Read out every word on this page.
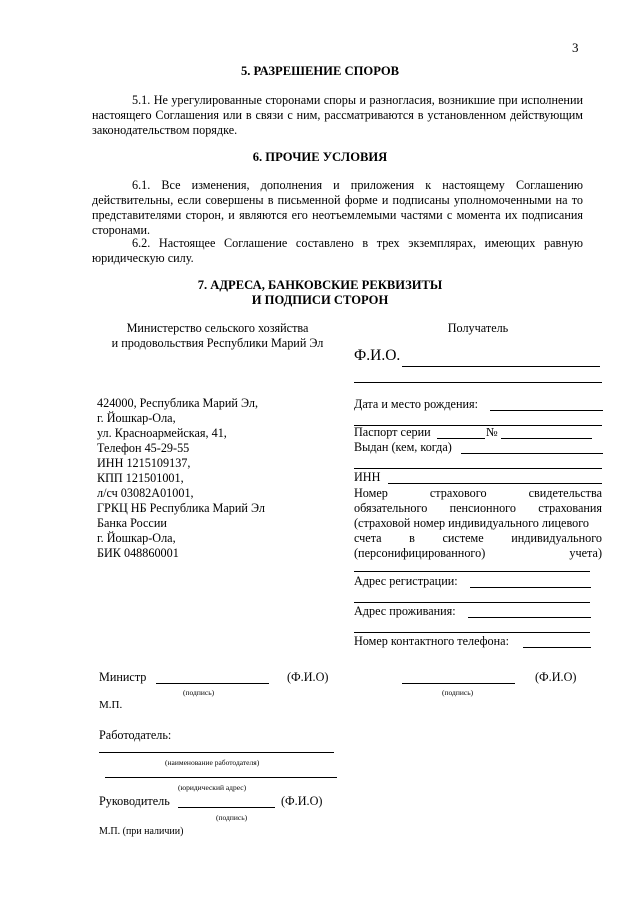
3
5. РАЗРЕШЕНИЕ СПОРОВ
5.1. Не урегулированные сторонами споры и разногласия, возникшие при исполнении настоящего Соглашения или в связи с ним, рассматриваются в установленном действующим законодательством порядке.
6. ПРОЧИЕ УСЛОВИЯ
6.1. Все изменения, дополнения и приложения к настоящему Соглашению действительны, если совершены в письменной форме и подписаны уполномоченными на то представителями сторон, и являются его неотъемлемыми частями с момента их подписания сторонами.
6.2. Настоящее Соглашение составлено в трех экземплярах, имеющих равную юридическую силу.
7. АДРЕСА, БАНКОВСКИЕ РЕКВИЗИТЫ
И ПОДПИСИ СТОРОН
Министерство сельского хозяйства
и продовольствия Республики Марий Эл
424000, Республика Марий Эл,
г. Йошкар-Ола,
ул. Красноармейская, 41,
Телефон 45-29-55
ИНН 1215109137,
КПП 121501001,
л/сч 03082А01001,
ГРКЦ НБ Республика Марий Эл
Банка России
г. Йошкар-Ола,
БИК 048860001
Получатель
Ф.И.О.
Дата и место рождения:
Паспорт серии	№
Выдан (кем, когда)
ИНН
Номер	страхового	свидетельства
обязательного пенсионного страхования
(страховой номер индивидуального лицевого
счета в системе индивидуального
(персонифицированного)	учета)
Адрес регистрации:
Адрес проживания:
Номер контактного телефона:
Министр	(Ф.И.О)
(подпись)
М.П.
(Ф.И.О)
(подпись)
Работодатель:
(наименование работодателя)
(юридический адрес)
Руководитель	(Ф.И.О)
(подпись)
М.П. (при наличии)
